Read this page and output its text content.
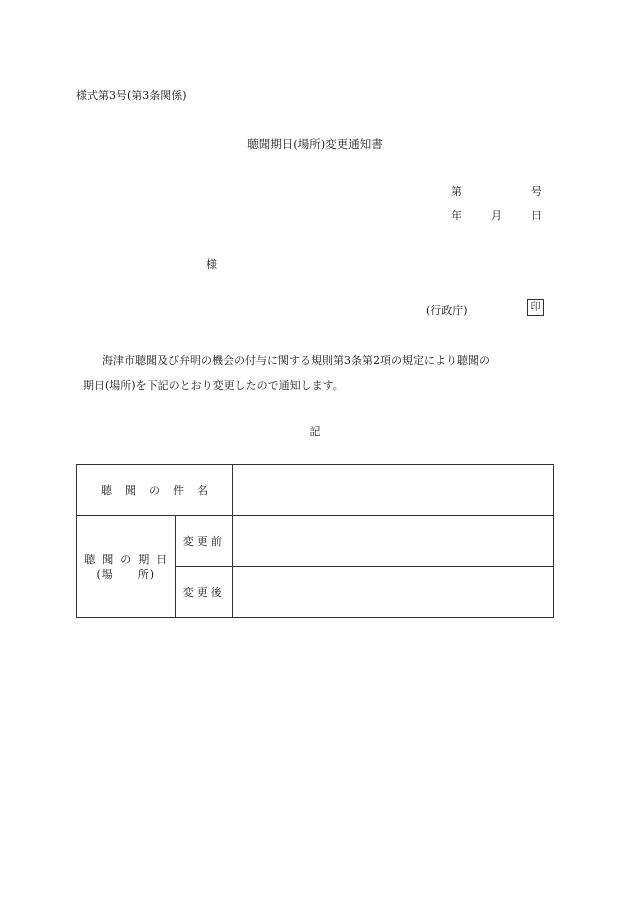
様式第3号(第3条関係)
聴聞期日(場所)変更通知書
第	号
年	月	日
様
(行政庁)	印

海津市聴聞及び弁明の機会の付与に関する規則第3条第2項の規定により聴聞の

期日(場所)を下記のとおり変更したので通知します。

記
聴聞の件名		

聴聞の期日
(場　　所)	変更前	
	変更後	
